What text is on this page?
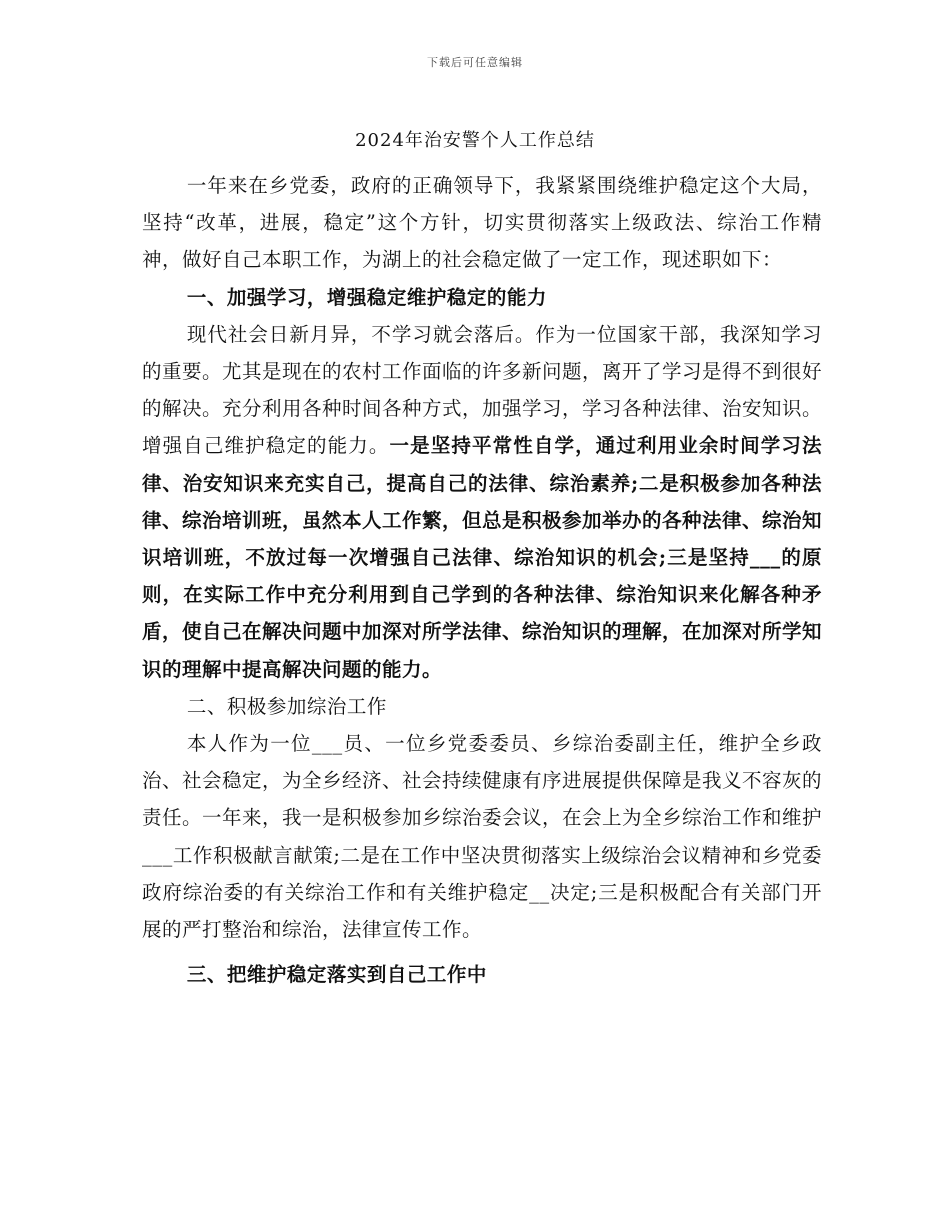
下载后可任意编辑
2024年治安警个人工作总结

一年来在乡党委，政府的正确领导下，我紧紧围绕维护稳定这个大局，坚持“改革，进展，稳定”这个方针，切实贯彻落实上级政法、综治工作精神，做好自己本职工作，为湖上的社会稳定做了一定工作，现述职如下：

一、加强学习，增强稳定维护稳定的能力

现代社会日新月异，不学习就会落后。作为一位国家干部，我深知学习的重要。尤其是现在的农村工作面临的许多新问题，离开了学习是得不到很好的解决。充分利用各种时间各种方式，加强学习，学习各种法律、治安知识。增强自己维护稳定的能力。一是坚持平常性自学，通过利用业余时间学习法律、治安知识来充实自己，提高自己的法律、综治素养;二是积极参加各种法律、综治培训班，虽然本人工作繁，但总是积极参加举办的各种法律、综治知识培训班，不放过每一次增强自己法律、综治知识的机会;三是坚持___的原则，在实际工作中充分利用到自己学到的各种法律、综治知识来化解各种矛盾，使自己在解决问题中加深对所学法律、综治知识的理解，在加深对所学知识的理解中提高解决问题的能力。

二、积极参加综治工作

本人作为一位___员、一位乡党委委员、乡综治委副主任，维护全乡政治、社会稳定，为全乡经济、社会持续健康有序进展提供保障是我义不容灰的责任。一年来，我一是积极参加乡综治委会议，在会上为全乡综治工作和维护___工作积极献言献策;二是在工作中坚决贯彻落实上级综治会议精神和乡党委政府综治委的有关综治工作和有关维护稳定__决定;三是积极配合有关部门开展的严打整治和综治，法律宣传工作。

三、把维护稳定落实到自己工作中
